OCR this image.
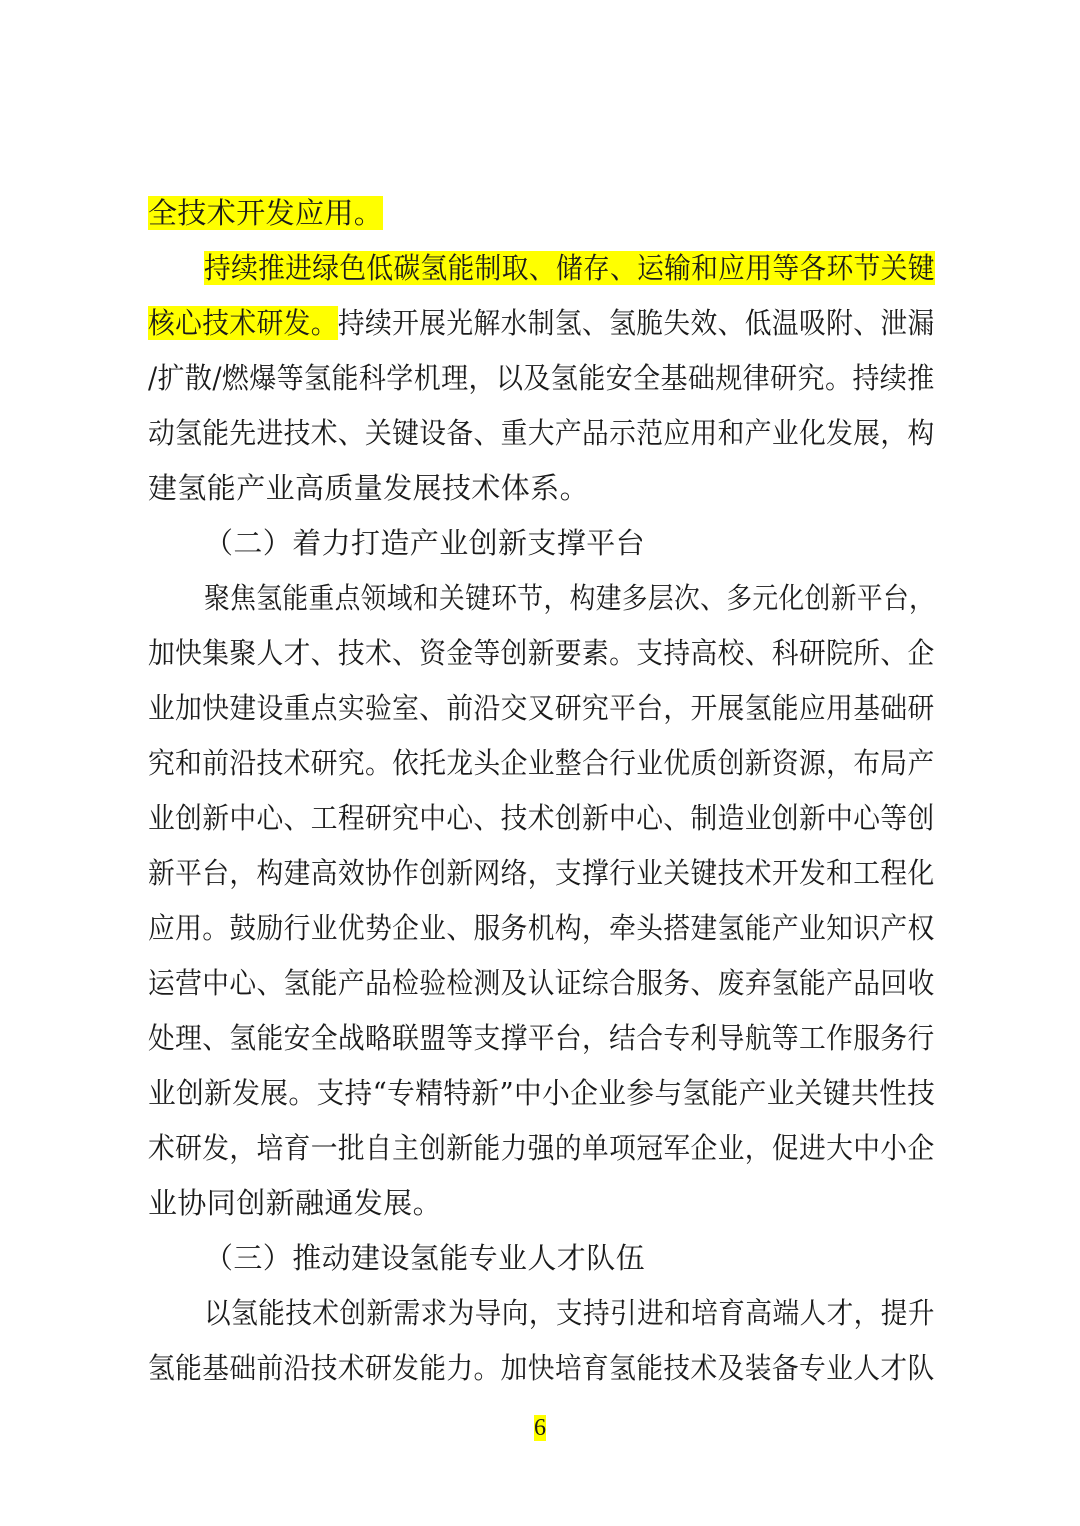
全技术开发应用。
持续推进绿色低碳氢能制取、储存、运输和应用等各环节关键
核心技术研发。持续开展光解水制氢、氢脆失效、低温吸附、泄漏
/扩散/燃爆等氢能科学机理，以及氢能安全基础规律研究。持续推
动氢能先进技术、关键设备、重大产品示范应用和产业化发展，构
建氢能产业高质量发展技术体系。
（二）着力打造产业创新支撑平台
聚焦氢能重点领域和关键环节，构建多层次、多元化创新平台，
加快集聚人才、技术、资金等创新要素。支持高校、科研院所、企
业加快建设重点实验室、前沿交叉研究平台，开展氢能应用基础研
究和前沿技术研究。依托龙头企业整合行业优质创新资源，布局产
业创新中心、工程研究中心、技术创新中心、制造业创新中心等创
新平台，构建高效协作创新网络，支撑行业关键技术开发和工程化
应用。鼓励行业优势企业、服务机构，牵头搭建氢能产业知识产权
运营中心、氢能产品检验检测及认证综合服务、废弃氢能产品回收
处理、氢能安全战略联盟等支撑平台，结合专利导航等工作服务行
业创新发展。支持“专精特新”中小企业参与氢能产业关键共性技
术研发，培育一批自主创新能力强的单项冠军企业，促进大中小企
业协同创新融通发展。
（三）推动建设氢能专业人才队伍
以氢能技术创新需求为导向，支持引进和培育高端人才，提升
氢能基础前沿技术研发能力。加快培育氢能技术及装备专业人才队
6
